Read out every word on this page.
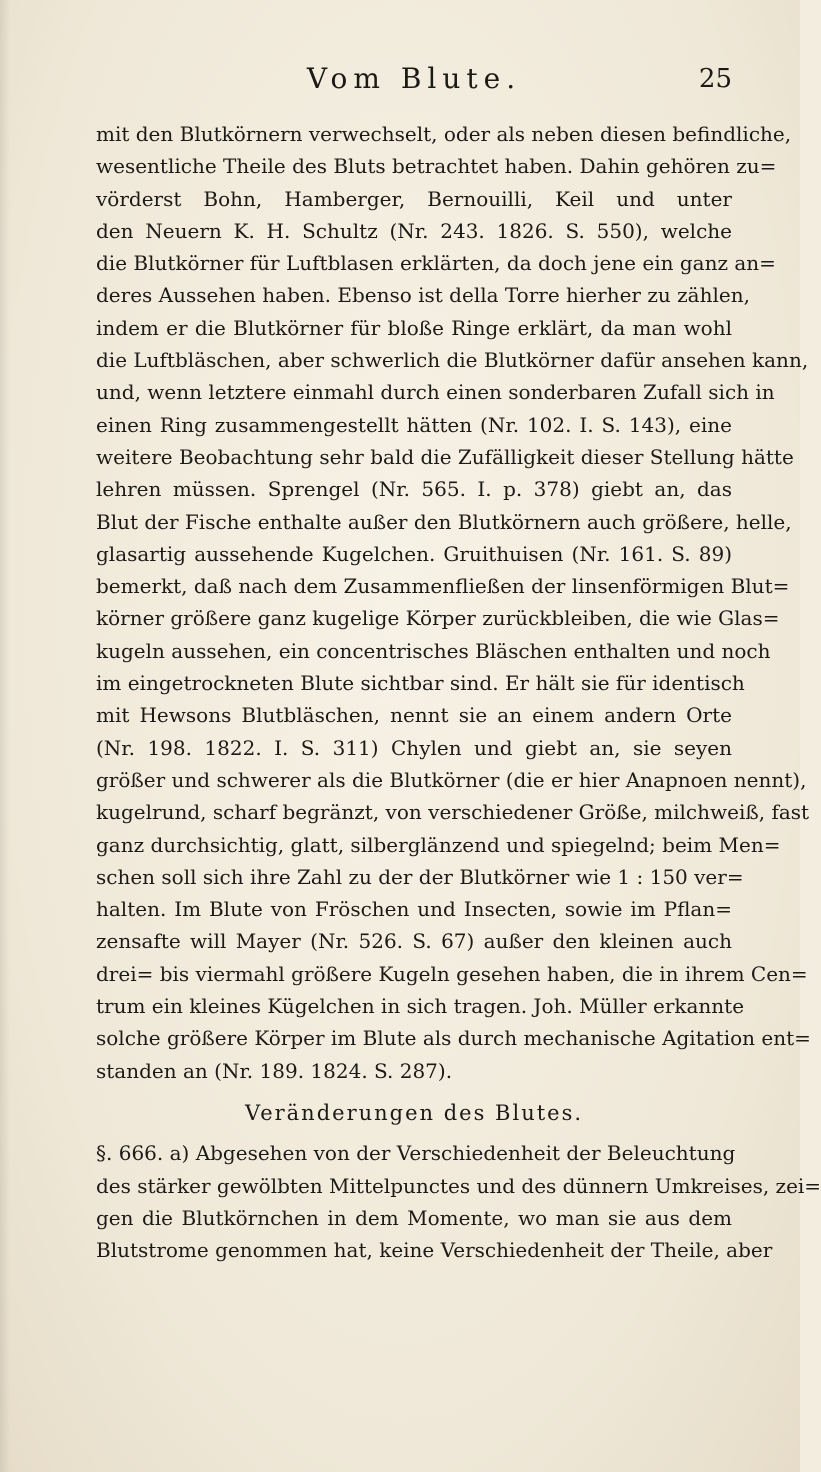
Vom Blute.	25
mit den Blutkörnern verwechselt, oder als neben diesen befindliche,
wesentliche Theile des Bluts betrachtet haben. Dahin gehören zu=
vörderst Bohn, Hamberger, Bernouilli, Keil und unter
den Neuern K. H. Schultz (Nr. 243. 1826. S. 550), welche
die Blutkörner für Luftblasen erklärten, da doch jene ein ganz an=
deres Aussehen haben. Ebenso ist della Torre hierher zu zählen,
indem er die Blutkörner für bloße Ringe erklärt, da man wohl
die Luftbläschen, aber schwerlich die Blutkörner dafür ansehen kann,
und, wenn letztere einmahl durch einen sonderbaren Zufall sich in
einen Ring zusammengestellt hätten (Nr. 102. I. S. 143), eine
weitere Beobachtung sehr bald die Zufälligkeit dieser Stellung hätte
lehren müssen. Sprengel (Nr. 565. I. p. 378) giebt an, das
Blut der Fische enthalte außer den Blutkörnern auch größere, helle,
glasartig aussehende Kugelchen. Gruithuisen (Nr. 161. S. 89)
bemerkt, daß nach dem Zusammenfließen der linsenförmigen Blut=
körner größere ganz kugelige Körper zurückbleiben, die wie Glas=
kugeln aussehen, ein concentrisches Bläschen enthalten und noch
im eingetrockneten Blute sichtbar sind. Er hält sie für identisch
mit Hewsons Blutbläschen, nennt sie an einem andern Orte
(Nr. 198. 1822. I. S. 311) Chylen und giebt an, sie seyen
größer und schwerer als die Blutkörner (die er hier Anapnoen nennt),
kugelrund, scharf begränzt, von verschiedener Größe, milchweiß, fast
ganz durchsichtig, glatt, silberglänzend und spiegelnd; beim Men=
schen soll sich ihre Zahl zu der der Blutkörner wie 1 : 150 ver=
halten. Im Blute von Fröschen und Insecten, sowie im Pflan=
zensafte will Mayer (Nr. 526. S. 67) außer den kleinen auch
drei= bis viermahl größere Kugeln gesehen haben, die in ihrem Cen=
trum ein kleines Kügelchen in sich tragen. Joh. Müller erkannte
solche größere Körper im Blute als durch mechanische Agitation ent=
standen an (Nr. 189. 1824. S. 287).
Veränderungen des Blutes.
§. 666. a) Abgesehen von der Verschiedenheit der Beleuchtung
des stärker gewölbten Mittelpunctes und des dünnern Umkreises, zei=
gen die Blutkörnchen in dem Momente, wo man sie aus dem
Blutstrome genommen hat, keine Verschiedenheit der Theile, aber
